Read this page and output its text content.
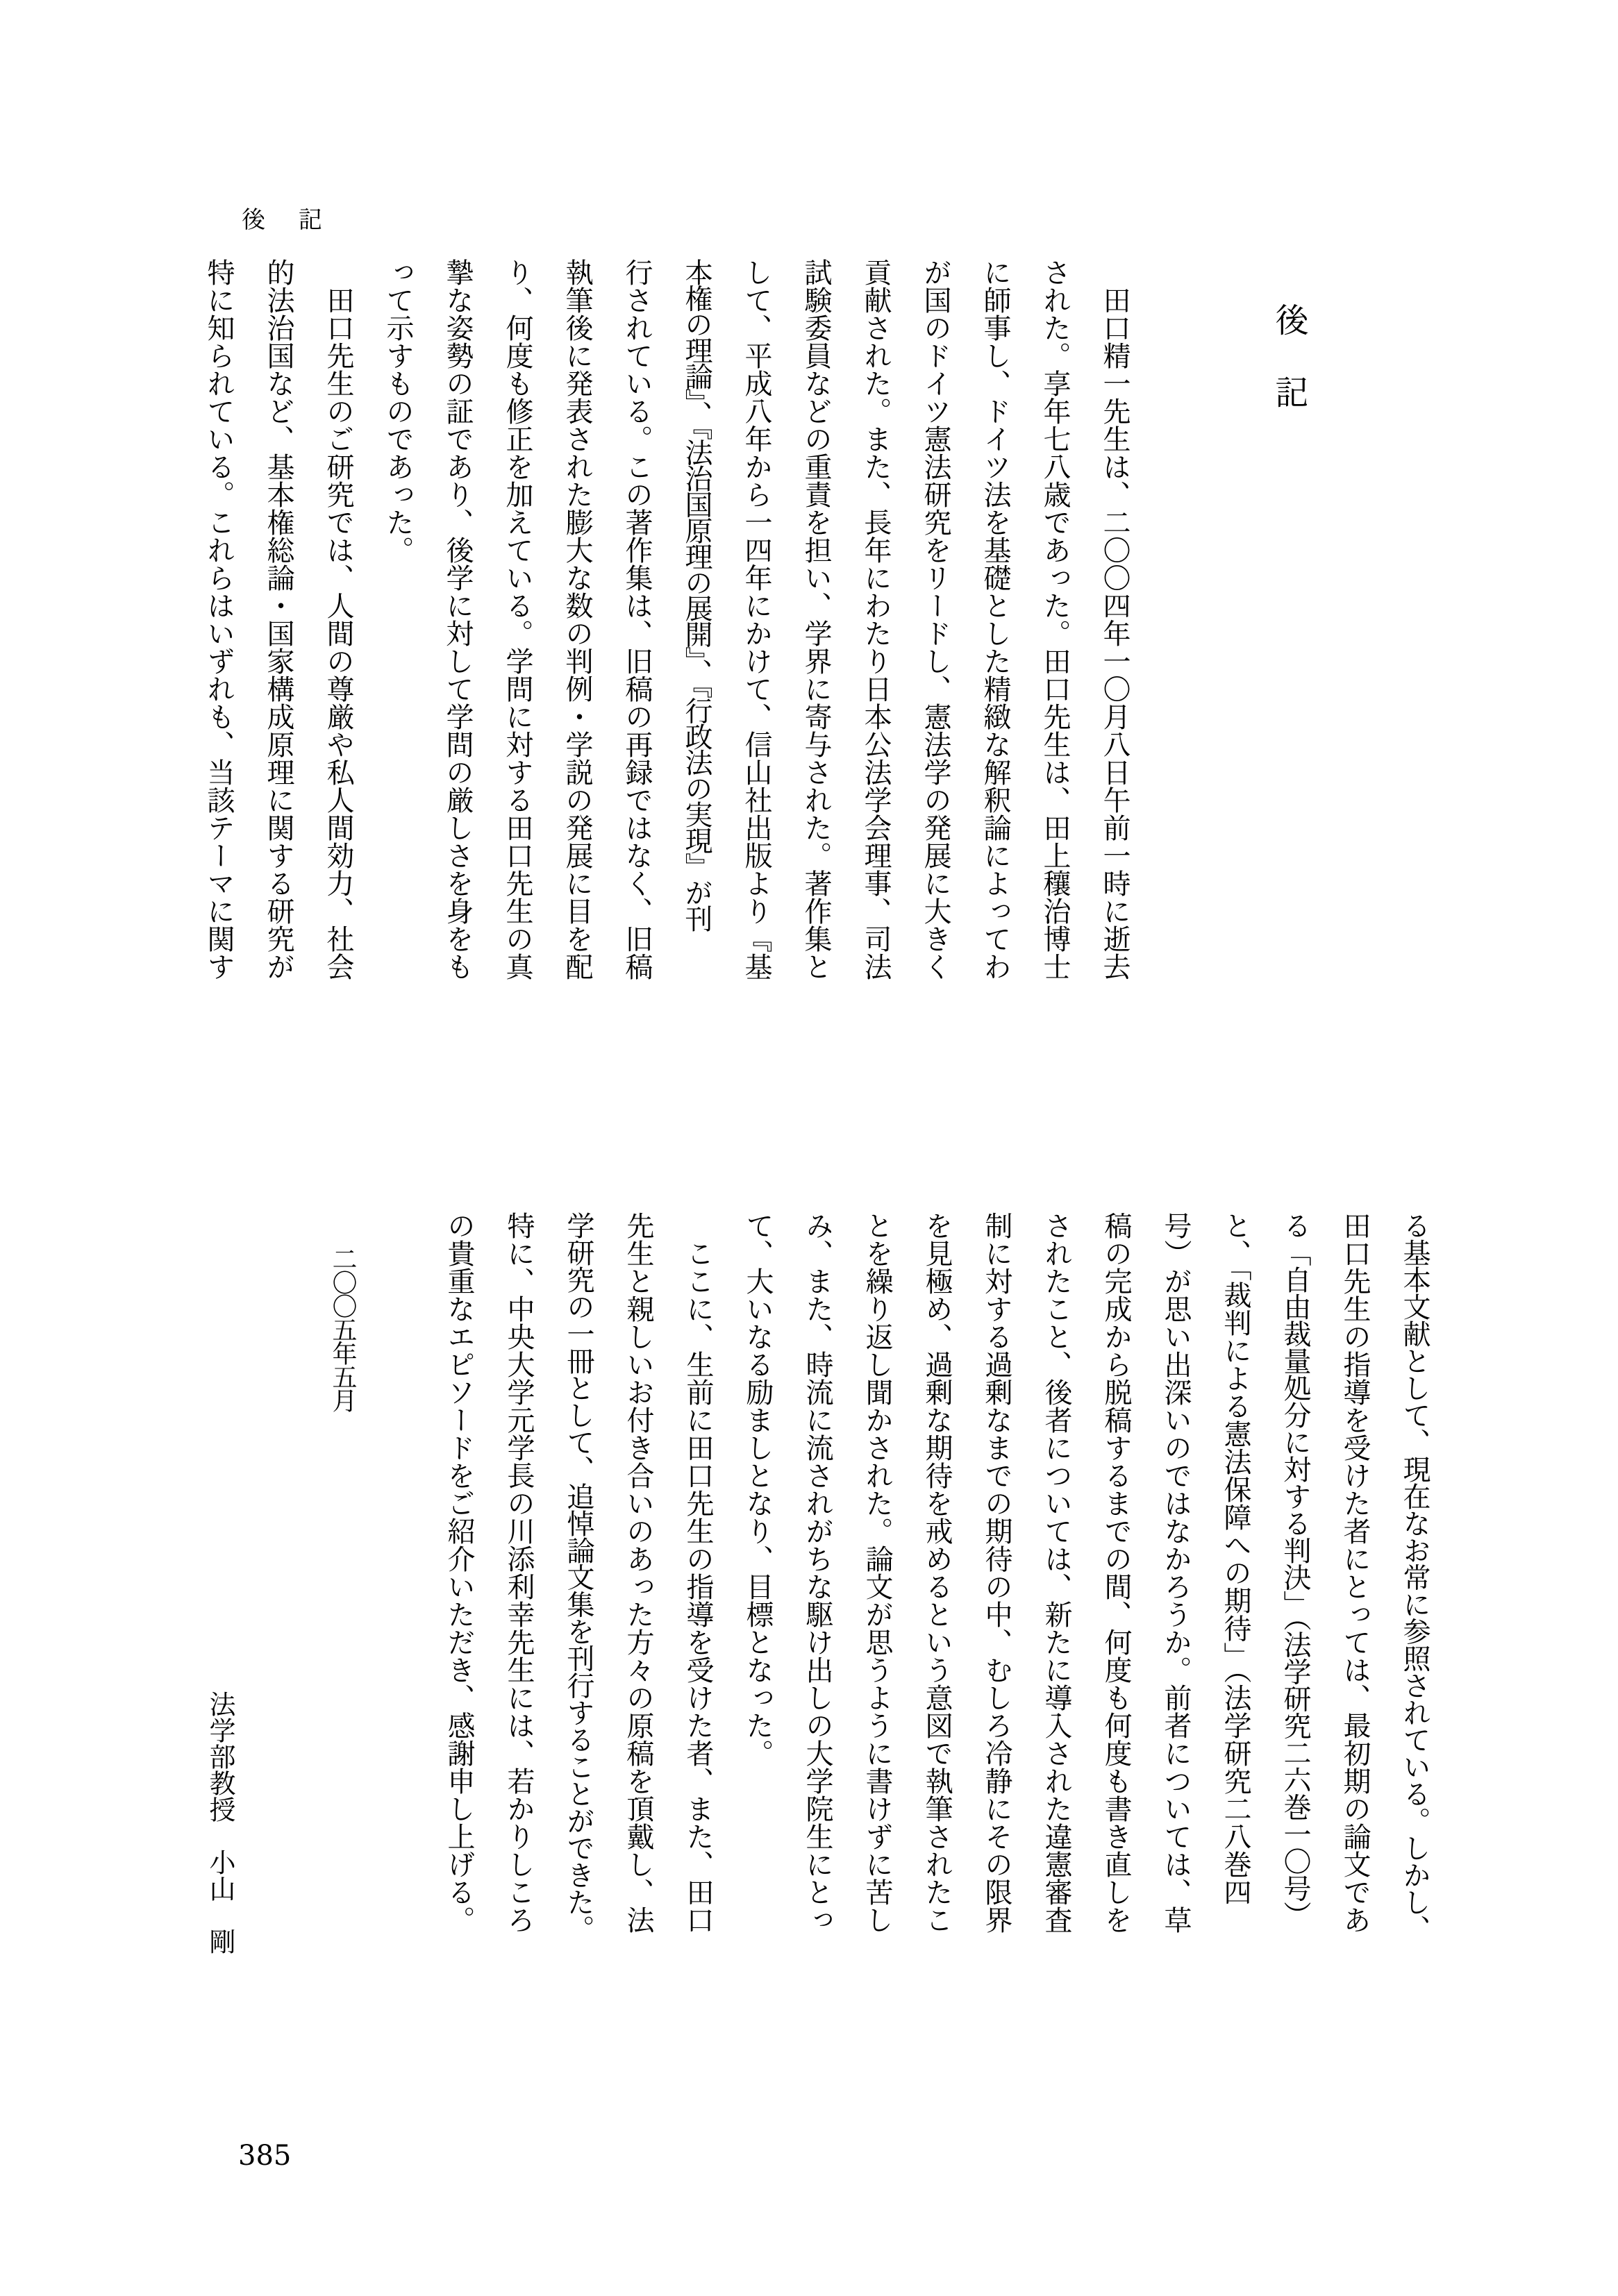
後　記
後　記
　田口精一先生は、二〇〇四年一〇月八日午前一時に逝去
された。享年七八歳であった。田口先生は、田上穰治博士
に師事し、ドイツ法を基礎とした精緻な解釈論によってわ
が国のドイツ憲法研究をリードし、憲法学の発展に大きく
貢献された。また、長年にわたり日本公法学会理事、司法
試験委員などの重責を担い、学界に寄与された。著作集と
して、平成八年から一四年にかけて、信山社出版より『基
本権の理論』、『法治国原理の展開』、『行政法の実現』が刊
行されている。この著作集は、旧稿の再録ではなく、旧稿
執筆後に発表された膨大な数の判例・学説の発展に目を配
り、何度も修正を加えている。学問に対する田口先生の真
摯な姿勢の証であり、後学に対して学問の厳しさを身をも
って示すものであった。
　田口先生のご研究では、人間の尊厳や私人間効力、社会
的法治国など、基本権総論・国家構成原理に関する研究が
特に知られている。これらはいずれも、当該テーマに関す
る基本文献として、現在なお常に参照されている。しかし、
田口先生の指導を受けた者にとっては、最初期の論文であ
る「自由裁量処分に対する判決」（法学研究二六巻一〇号）
と、「裁判による憲法保障への期待」（法学研究二八巻四
号）が思い出深いのではなかろうか。前者については、草
稿の完成から脱稿するまでの間、何度も何度も書き直しを
されたこと、後者については、新たに導入された違憲審査
制に対する過剰なまでの期待の中、むしろ冷静にその限界
を見極め、過剰な期待を戒めるという意図で執筆されたこ
とを繰り返し聞かされた。論文が思うように書けずに苦し
み、また、時流に流されがちな駆け出しの大学院生にとっ
て、大いなる励ましとなり、目標となった。
　ここに、生前に田口先生の指導を受けた者、また、田口
先生と親しいお付き合いのあった方々の原稿を頂戴し、法
学研究の一冊として、追悼論文集を刊行することができた。
特に、中央大学元学長の川添利幸先生には、若かりしころ
の貴重なエピソードをご紹介いただき、感謝申し上げる。
二〇〇五年五月
法学部教授　小山　剛
385
